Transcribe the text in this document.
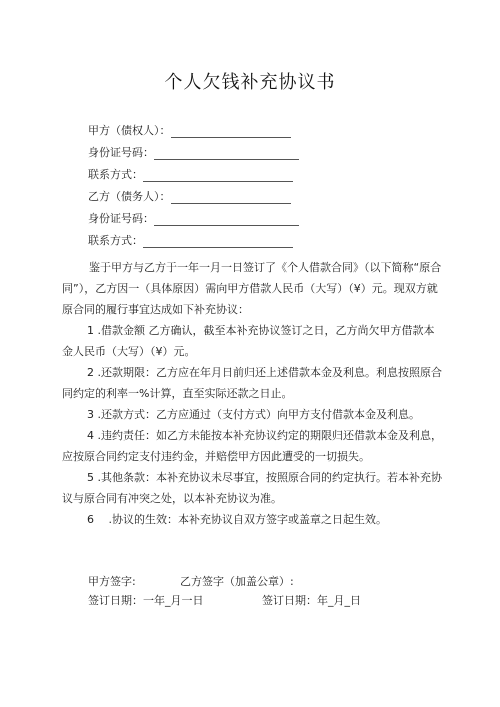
个人欠钱补充协议书
甲方（债权人）：
身份证号码：
联系方式：
乙方（债务人）：
身份证号码：
联系方式：

鉴于甲方与乙方于一年一月一日签订了《个人借款合同》（以下简称“原合同”），乙方因一（具体原因）需向甲方借款人民币（大写）（¥）元。现双方就原合同的履行事宜达成如下补充协议：

1 .借款金额 乙方确认，截至本补充协议签订之日，乙方尚欠甲方借款本金人民币（大写）（¥）元。

2 .还款期限：乙方应在年月日前归还上述借款本金及利息。利息按照原合同约定的利率一%计算，直至实际还款之日止。

3 .还款方式：乙方应通过（支付方式）向甲方支付借款本金及利息。

4 .违约责任：如乙方未能按本补充协议约定的期限归还借款本金及利息，应按原合同约定支付违约金，并赔偿甲方因此遭受的一切损失。

5 .其他条款：本补充协议未尽事宜，按照原合同的约定执行。若本补充协议与原合同有冲突之处，以本补充协议为准。

6　 .协议的生效：本补充协议自双方签字或盖章之日起生效。

甲方签字:	乙方签字（加盖公章）:
签订日期：一年_月一日	签订日期：年_月_日
